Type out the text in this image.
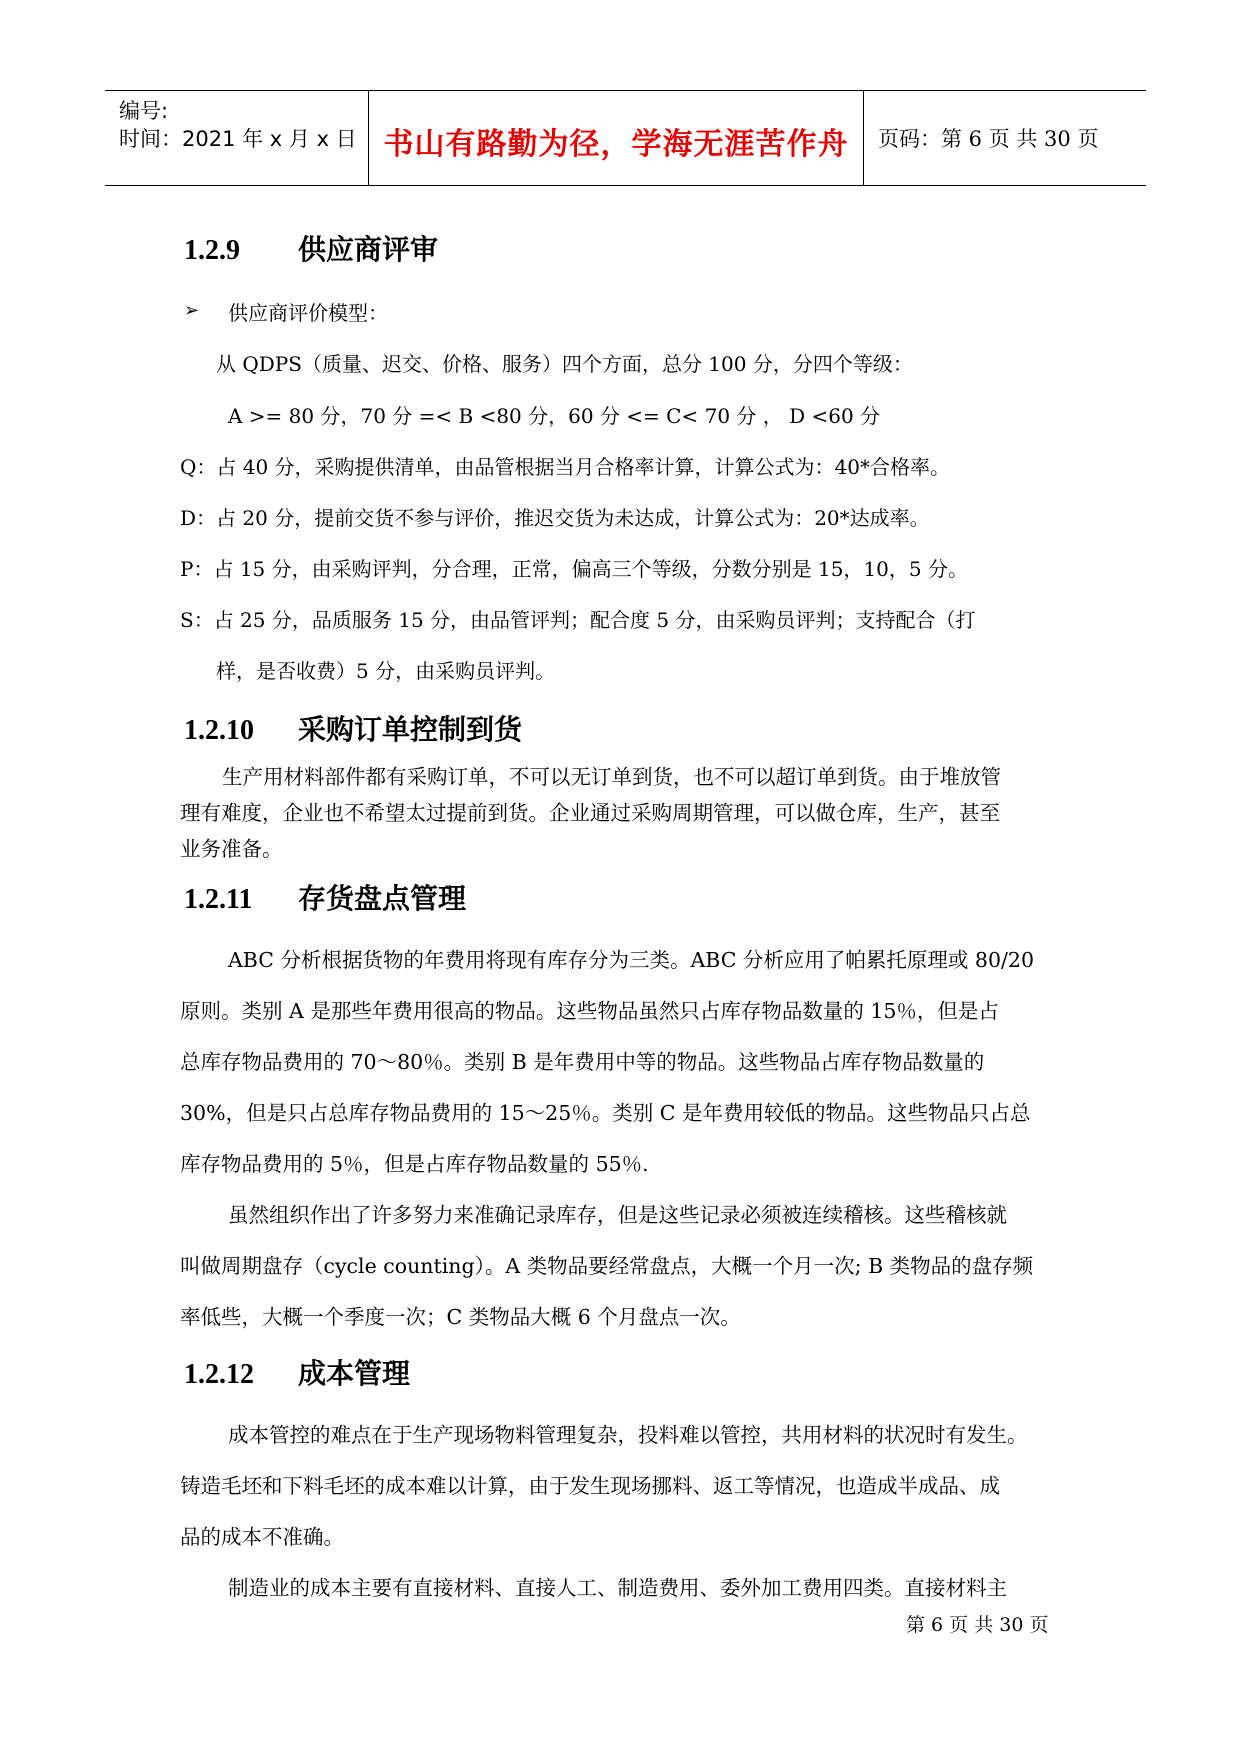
编号:
时间：2021 年 x 月 x 日 书山有路勤为径，学海无涯苦作舟	页码：第 6 页 共 30 页
1.2.9 供应商评审
➢ 供应商评价模型：
从 QDPS（质量、迟交、价格、服务）四个方面，总分 100 分，分四个等级：
A >= 80 分，70 分 =< B <80 分，60 分 <= C< 70 分 ， D <60 分
Q：占 40 分，采购提供清单，由品管根据当月合格率计算，计算公式为：40*合格率。
D：占 20 分，提前交货不参与评价，推迟交货为未达成，计算公式为：20*达成率。
P：占 15 分，由采购评判，分合理，正常，偏高三个等级，分数分别是 15，10，5 分。
S：占 25 分，品质服务 15 分，由品管评判；配合度 5 分，由采购员评判；支持配合（打
样，是否收费）5 分，由采购员评判。
1.2.10 采购订单控制到货
生产用材料部件都有采购订单，不可以无订单到货，也不可以超订单到货。由于堆放管
理有难度，企业也不希望太过提前到货。企业通过采购周期管理，可以做仓库，生产，甚至
业务准备。
1.2.11 存货盘点管理
ABC 分析根据货物的年费用将现有库存分为三类。ABC 分析应用了帕累托原理或 80/20
原则。类别 A 是那些年费用很高的物品。这些物品虽然只占库存物品数量的 15％，但是占
总库存物品费用的 70～80％。类别 B 是年费用中等的物品。这些物品占库存物品数量的
30%，但是只占总库存物品费用的 15～25％。类别 C 是年费用较低的物品。这些物品只占总
库存物品费用的 5％，但是占库存物品数量的 55％.
虽然组织作出了许多努力来准确记录库存，但是这些记录必须被连续稽核。这些稽核就
叫做周期盘存（cycle counting）。A 类物品要经常盘点，大概一个月一次; B 类物品的盘存频
率低些，大概一个季度一次；C 类物品大概 6 个月盘点一次。
1.2.12 成本管理
成本管控的难点在于生产现场物料管理复杂，投料难以管控，共用材料的状况时有发生。
铸造毛坯和下料毛坯的成本难以计算，由于发生现场挪料、返工等情况，也造成半成品、成
品的成本不准确。
制造业的成本主要有直接材料、直接人工、制造费用、委外加工费用四类。直接材料主
第 6 页 共 30 页
